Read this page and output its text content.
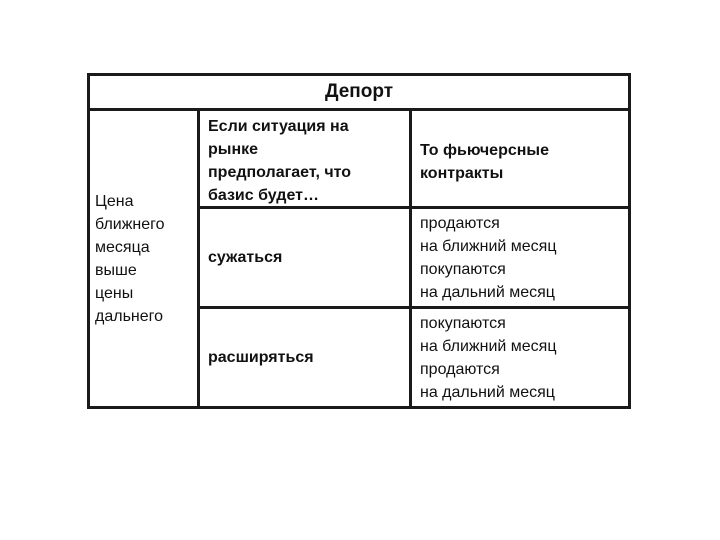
Депорт
Цена
ближнего
месяца
выше
цены
дальнего
Если ситуация на
рынке
предполагает, что
базис будет…
То фьючерсные
контракты
сужаться
продаются
на ближний месяц
покупаются
на дальний месяц
расширяться
покупаются
на ближний месяц
продаются
на дальний месяц
